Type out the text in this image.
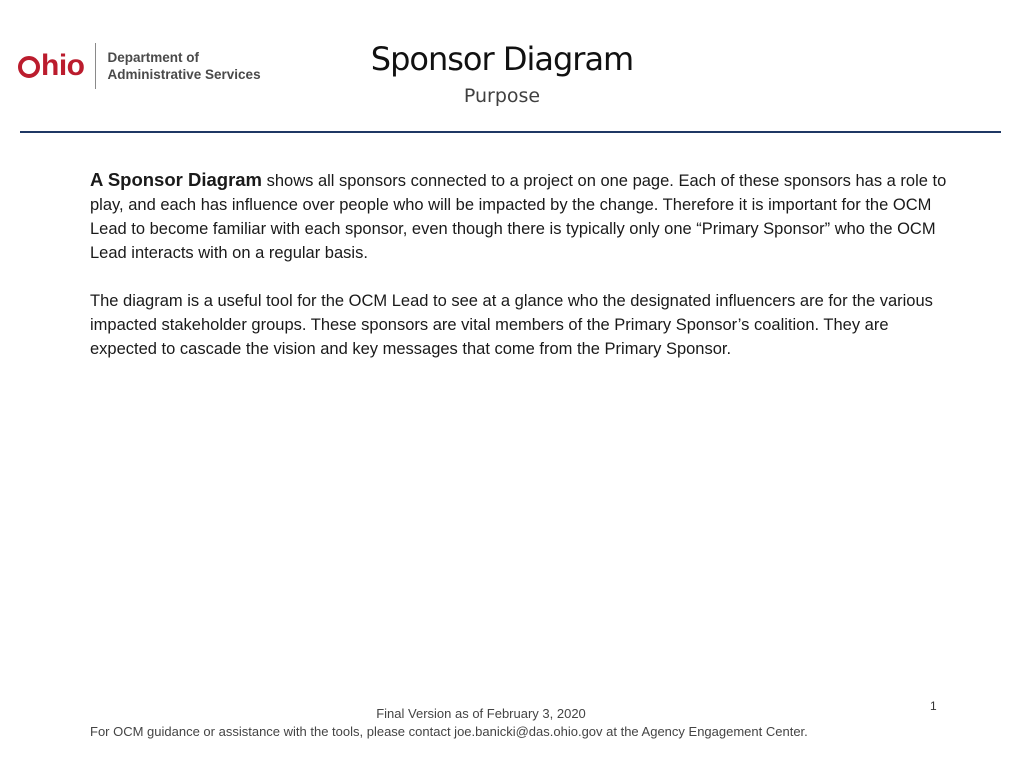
hio Department of
Administrative Services	Sponsor Diagram
Purpose

A Sponsor Diagram shows all sponsors connected to a project on one page. Each of these sponsors has a role to play, and each has influence over people who will be impacted by the change. Therefore it is important for the OCM Lead to become familiar with each sponsor, even though there is typically only one “Primary Sponsor” who the OCM Lead interacts with on a regular basis.

The diagram is a useful tool for the OCM Lead to see at a glance who the designated influencers are for the various impacted stakeholder groups. These sponsors are vital members of the Primary Sponsor’s coalition. They are expected to cascade the vision and key messages that come from the Primary Sponsor.

1
Final Version as of February 3, 2020
For OCM guidance or assistance with the tools, please contact joe.banicki@das.ohio.gov at the Agency Engagement Center.
